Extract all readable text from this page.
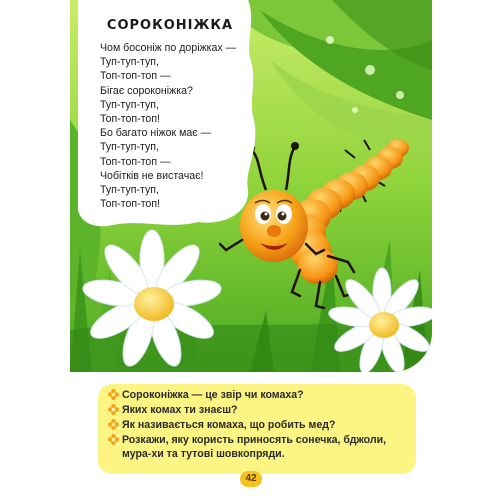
СОРОКОНІЖКА
Чом босоніж по доріжках —
Туп-туп-туп,
Топ-топ-топ —
Бігає сороконіжка?
Туп-туп-туп,
Топ-топ-топ!
Бо багато ніжок має —
Туп-туп-туп,
Топ-топ-топ —
Чобітків не вистачає!
Туп-туп-туп,
Топ-топ-топ!
Сороконіжка — це звір чи комаха?
Яких комах ти знаєш?
Як називається комаха, що робить мед?
Розкажи, яку користь приносять сонечка, бджоли, мура-хи та тутові шовкопряди.
42
